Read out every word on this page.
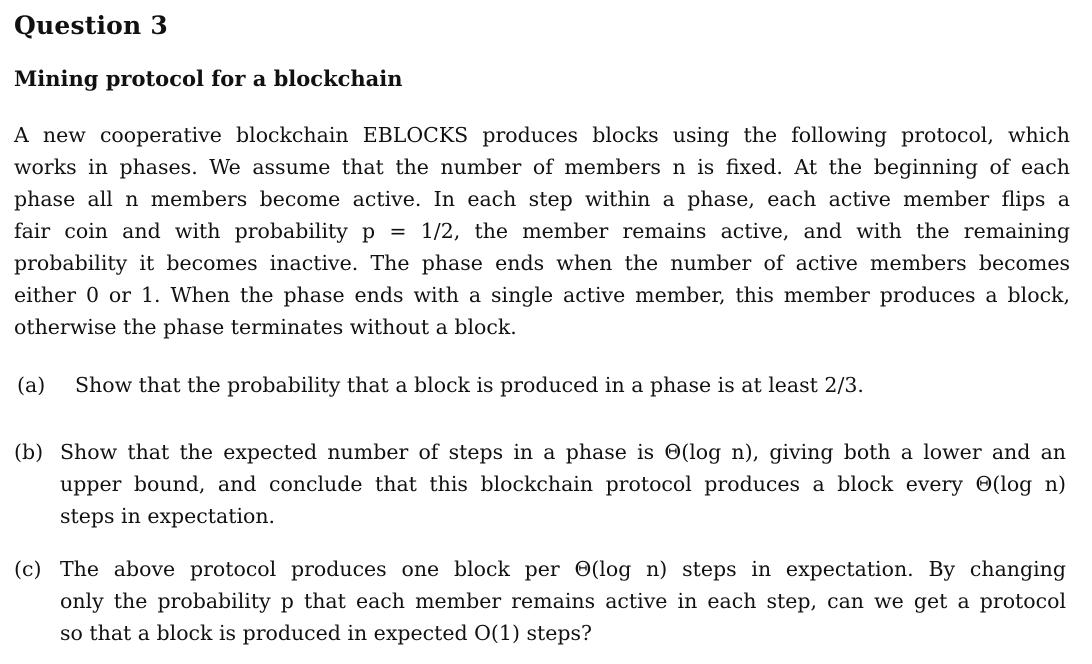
Question 3
Mining protocol for a blockchain
A new cooperative blockchain EBLOCKS produces blocks using the following protocol, which
works in phases. We assume that the number of members n is fixed. At the beginning of each
phase all n members become active. In each step within a phase, each active member flips a
fair coin and with probability p = 1/2, the member remains active, and with the remaining
probability it becomes inactive. The phase ends when the number of active members becomes
either 0 or 1. When the phase ends with a single active member, this member produces a block,
otherwise the phase terminates without a block.
(a) Show that the probability that a block is produced in a phase is at least 2/3.
(b) Show that the expected number of steps in a phase is Θ(log n), giving both a lower and an
upper bound, and conclude that this blockchain protocol produces a block every Θ(log n)
steps in expectation.
(c) The above protocol produces one block per Θ(log n) steps in expectation. By changing
only the probability p that each member remains active in each step, can we get a protocol
so that a block is produced in expected O(1) steps?
